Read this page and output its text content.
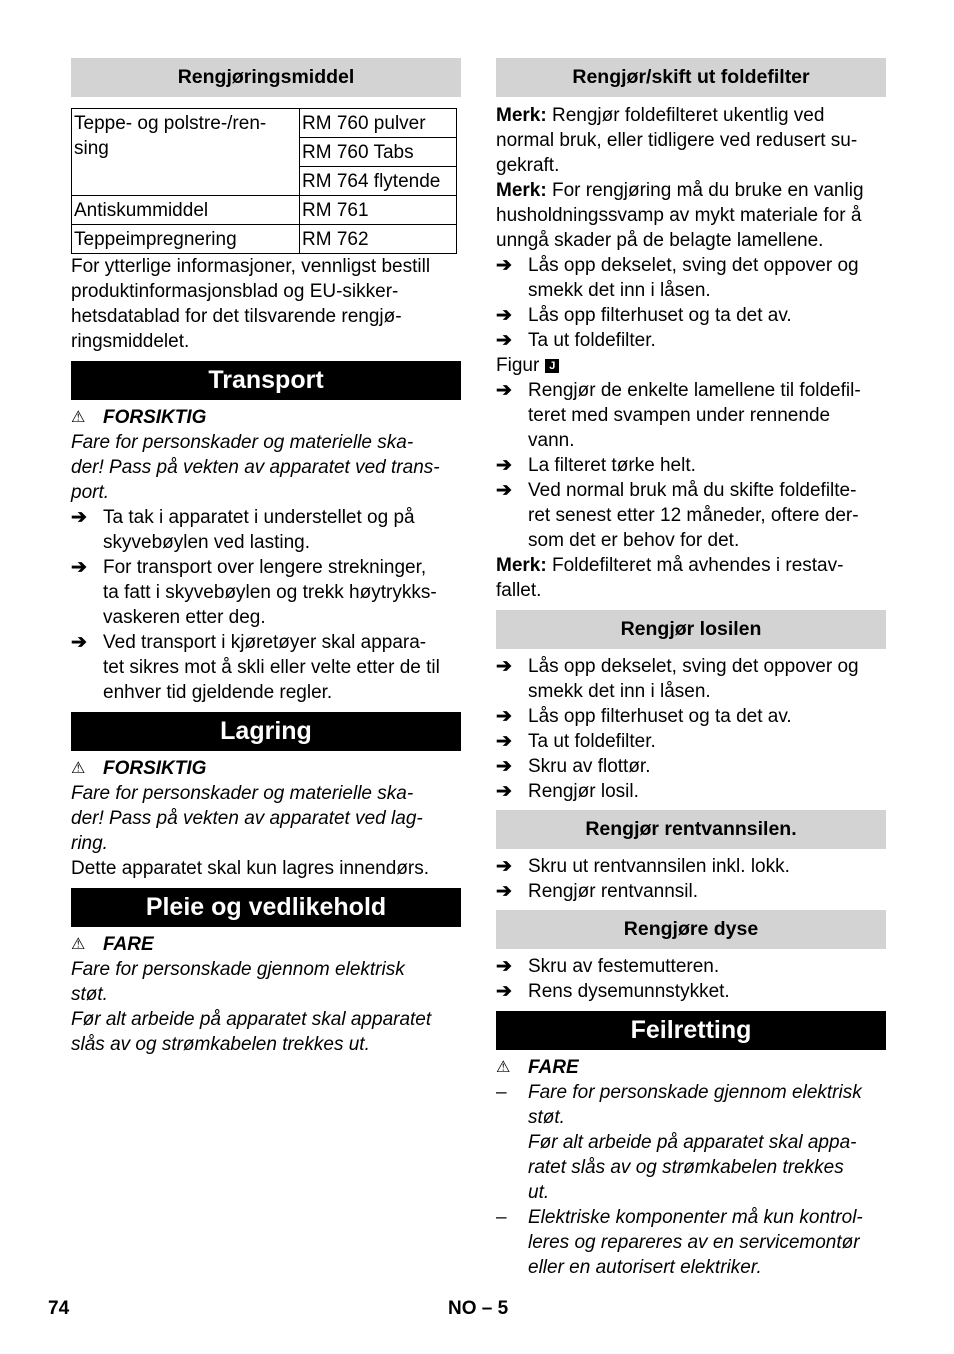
Rengjøringsmiddel
Teppe- og polstre-/ren-
sing	RM 760 pulver
	RM 760 Tabs
	RM 764 flytende
Antiskummiddel	RM 761
Teppeimpregnering	RM 762

For ytterlige informasjoner, vennligst bestill
produktinformasjonsblad og EU-sikker-
hetsdatablad for det tilsvarende rengjø-
ringsmiddelet.

Transport
⚠ FORSIKTIG

Fare for personskader og materielle ska-
der! Pass på vekten av apparatet ved trans-
port.

➔ Ta tak i apparatet i understellet og på
skyvebøylen ved lasting.
➔ For transport over lengere strekninger,
ta fatt i skyvebøylen og trekk høytrykks-
vaskeren etter deg.
➔ Ved transport i kjøretøyer skal appara-
tet sikres mot å skli eller velte etter de til
enhver tid gjeldende regler.
Lagring
⚠ FORSIKTIG

Fare for personskader og materielle ska-
der! Pass på vekten av apparatet ved lag-
ring.

Dette apparatet skal kun lagres innendørs.

Pleie og vedlikehold
⚠ FARE

Fare for personskade gjennom elektrisk
støt.
Før alt arbeide på apparatet skal apparatet
slås av og strømkabelen trekkes ut.

Rengjør/skift ut foldefilter

Merk: Rengjør foldefilteret ukentlig ved
normal bruk, eller tidligere ved redusert su-
gekraft.

Merk: For rengjøring må du bruke en vanlig
husholdningssvamp av mykt materiale for å
unngå skader på de belagte lamellene.

➔ Lås opp dekselet, sving det oppover og
smekk det inn i låsen.
➔ Lås opp filterhuset og ta det av.
➔ Ta ut foldefilter.

Figur J

➔ Rengjør de enkelte lamellene til foldefil-
teret med svampen under rennende
vann.
➔ La filteret tørke helt.
➔ Ved normal bruk må du skifte foldefilte-
ret senest etter 12 måneder, oftere der-
som det er behov for det.

Merk: Foldefilteret må avhendes i restav-
fallet.

Rengjør losilen
➔ Lås opp dekselet, sving det oppover og
smekk det inn i låsen.
➔ Lås opp filterhuset og ta det av.
➔ Ta ut foldefilter.
➔ Skru av flottør.
➔ Rengjør losil.
Rengjør rentvannsilen.
➔ Skru ut rentvannsilen inkl. lokk.
➔ Rengjør rentvannsil.
Rengjøre dyse
➔ Skru av festemutteren.
➔ Rens dysemunnstykket.
Feilretting
⚠ FARE
–	Fare for personskade gjennom elektrisk
støt.
Før alt arbeide på apparatet skal appa-
ratet slås av og strømkabelen trekkes
ut.
–	Elektriske komponenter må kun kontrol-
leres og repareres av en servicemontør
eller en autorisert elektriker.
74	NO – 5
